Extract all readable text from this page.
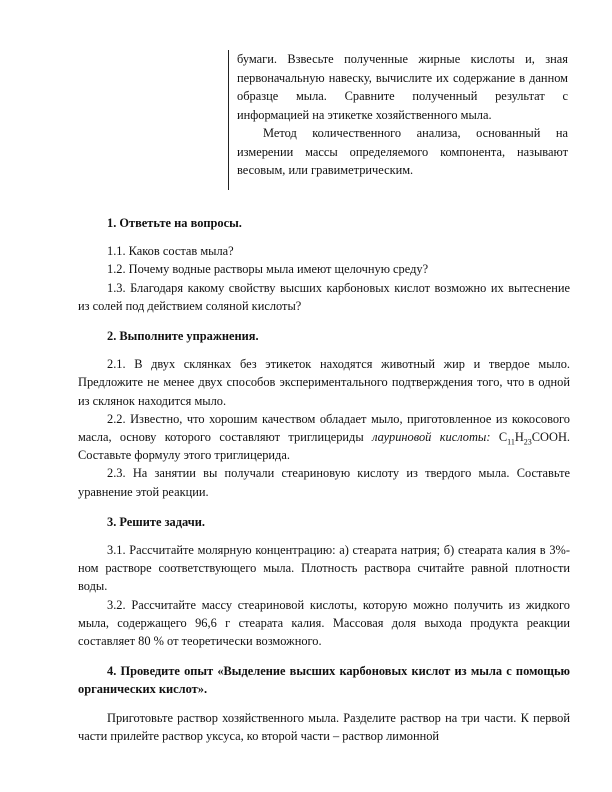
бумаги. Взвесьте полученные жирные кислоты и, зная первоначальную навеску, вычислите их содержание в данном образце мыла. Сравните полученный результат с информацией на этикетке хозяйственного мыла.

Метод количественного анализа, основанный на измерении массы определяемого компонента, называют весовым, или гравиметрическим.

1. Ответьте на вопросы.

1.1. Каков состав мыла?

1.2. Почему водные растворы мыла имеют щелочную среду?

1.3. Благодаря какому свойству высших карбоновых кислот возможно их вытеснение из солей под действием соляной кислоты?

2. Выполните упражнения.

2.1. В двух склянках без этикеток находятся животный жир и твердое мыло. Предложите не менее двух способов экспериментального подтверждения того, что в одной из склянок находится мыло.

2.2. Известно, что хорошим качеством обладает мыло, приготовленное из кокосового масла, основу которого составляют триглицериды лауриновой кислоты: $C_{11}H_{23}COOH$. Составьте формулу этого триглицерида.

2.3. На занятии вы получали стеариновую кислоту из твердого мыла. Составьте уравнение этой реакции.

3. Решите задачи.

3.1. Рассчитайте молярную концентрацию: а) стеарата натрия; б) стеарата калия в 3%-ном растворе соответствующего мыла. Плотность раствора считайте равной плотности воды.

3.2. Рассчитайте массу стеариновой кислоты, которую можно получить из жидкого мыла, содержащего 96,6 г стеарата калия. Массовая доля выхода продукта реакции составляет 80 % от теоретически возможного.

4. Проведите опыт «Выделение высших карбоновых кислот из мыла с помощью органических кислот».

Приготовьте раствор хозяйственного мыла. Разделите раствор на три части. К первой части прилейте раствор уксуса, ко второй части – раствор лимонной
